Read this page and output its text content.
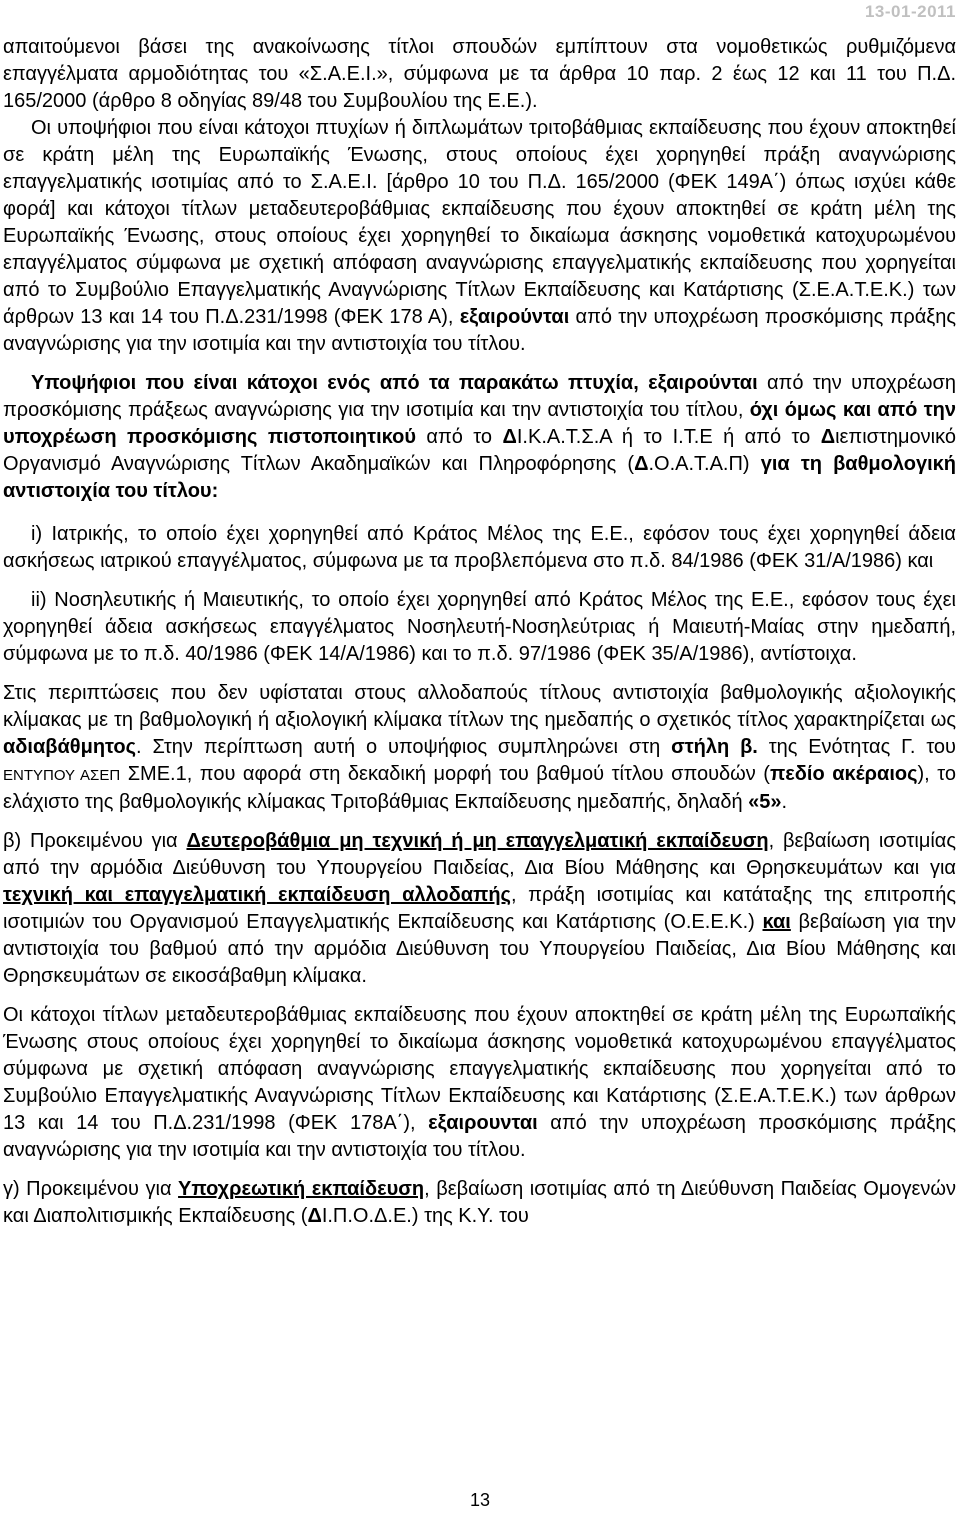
13-01-2011

απαιτούμενοι βάσει της ανακοίνωσης τίτλοι σπουδών εμπίπτουν στα νομοθετικώς ρυθμιζόμενα επαγγέλματα αρμοδιότητας του «Σ.Α.Ε.Ι.», σύμφωνα με τα άρθρα 10 παρ. 2 έως 12 και 11 του Π.Δ. 165/2000 (άρθρο 8 οδηγίας 89/48 του Συμβουλίου της Ε.Ε.).

Οι υποψήφιοι που είναι κάτοχοι πτυχίων ή διπλωμάτων τριτοβάθμιας εκπαίδευσης που έχουν αποκτηθεί σε κράτη μέλη της Ευρωπαϊκής Ένωσης, στους οποίους έχει χορηγηθεί πράξη αναγνώρισης επαγγελματικής ισοτιμίας από το Σ.Α.Ε.Ι. [άρθρο 10 του Π.Δ. 165/2000 (ΦΕΚ 149Α΄) όπως ισχύει κάθε φορά] και κάτοχοι τίτλων μεταδευτεροβάθμιας εκπαίδευσης που έχουν αποκτηθεί σε κράτη μέλη της Ευρωπαϊκής Ένωσης, στους οποίους έχει χορηγηθεί το δικαίωμα άσκησης νομοθετικά κατοχυρωμένου επαγγέλματος σύμφωνα με σχετική απόφαση αναγνώρισης επαγγελματικής εκπαίδευσης που χορηγείται από το Συμβούλιο Επαγγελματικής Αναγνώρισης Τίτλων Εκπαίδευσης και Κατάρτισης (Σ.Ε.Α.Τ.Ε.Κ.) των άρθρων 13 και 14 του Π.Δ.231/1998 (ΦΕΚ 178 Α), εξαιρούνται από την υποχρέωση προσκόμισης πράξης αναγνώρισης για την ισοτιμία και την αντιστοιχία του τίτλου.

Υποψήφιοι που είναι κάτοχοι ενός από τα παρακάτω πτυχία, εξαιρούνται από την υποχρέωση προσκόμισης πράξεως αναγνώρισης για την ισοτιμία και την αντιστοιχία του τίτλου, όχι όμως και από την υποχρέωση προσκόμισης πιστοποιητικού από το ΔΙ.Κ.Α.Τ.Σ.Α ή το Ι.Τ.Ε ή από το Διεπιστημονικό Οργανισμό Αναγνώρισης Τίτλων Ακαδημαϊκών και Πληροφόρησης (Δ.Ο.Α.Τ.Α.Π) για τη βαθμολογική αντιστοιχία του τίτλου:

i) Ιατρικής, το οποίο έχει χορηγηθεί από Κράτος Μέλος της Ε.Ε., εφόσον τους έχει χορηγηθεί άδεια ασκήσεως ιατρικού επαγγέλματος, σύμφωνα με τα προβλεπόμενα στο π.δ. 84/1986 (ΦΕΚ 31/Α/1986) και

ii) Νοσηλευτικής ή Μαιευτικής, το οποίο έχει χορηγηθεί από Κράτος Μέλος της Ε.Ε., εφόσον τους έχει χορηγηθεί άδεια ασκήσεως επαγγέλματος Νοσηλευτή-Νοσηλεύτριας ή Μαιευτή-Μαίας στην ημεδαπή, σύμφωνα με το π.δ. 40/1986 (ΦΕΚ 14/Α/1986) και το π.δ. 97/1986 (ΦΕΚ 35/Α/1986), αντίστοιχα.

Στις περιπτώσεις που δεν υφίσταται στους αλλοδαπούς τίτλους αντιστοιχία βαθμολογικής αξιολογικής κλίμακας με τη βαθμολογική ή αξιολογική κλίμακα τίτλων της ημεδαπής ο σχετικός τίτλος χαρακτηρίζεται ως αδιαβάθμητος. Στην περίπτωση αυτή ο υποψήφιος συμπληρώνει στη στήλη β. της Ενότητας Γ. του ΕΝΤΥΠΟΥ ΑΣΕΠ ΣΜΕ.1, που αφορά στη δεκαδική μορφή του βαθμού τίτλου σπουδών (πεδίο ακέραιος), το ελάχιστο της βαθμολογικής κλίμακας Τριτοβάθμιας Εκπαίδευσης ημεδαπής, δηλαδή «5».

β) Προκειμένου για Δευτεροβάθμια μη τεχνική ή μη επαγγελματική εκπαίδευση, βεβαίωση ισοτιμίας από την αρμόδια Διεύθυνση του Υπουργείου Παιδείας, Δια Βίου Μάθησης και Θρησκευμάτων και για τεχνική και επαγγελματική εκπαίδευση αλλοδαπής, πράξη ισοτιμίας και κατάταξης της επιτροπής ισοτιμιών του Οργανισμού Επαγγελματικής Εκπαίδευσης και Κατάρτισης (Ο.Ε.Ε.Κ.) και βεβαίωση για την αντιστοιχία του βαθμού από την αρμόδια Διεύθυνση του Υπουργείου Παιδείας, Δια Βίου Μάθησης και Θρησκευμάτων σε εικοσάβαθμη κλίμακα.

Οι κάτοχοι τίτλων μεταδευτεροβάθμιας εκπαίδευσης που έχουν αποκτηθεί σε κράτη μέλη της Ευρωπαϊκής Ένωσης στους οποίους έχει χορηγηθεί το δικαίωμα άσκησης νομοθετικά κατοχυρωμένου επαγγέλματος σύμφωνα με σχετική απόφαση αναγνώρισης επαγγελματικής εκπαίδευσης που χορηγείται από το Συμβούλιο Επαγγελματικής Αναγνώρισης Τίτλων Εκπαίδευσης και Κατάρτισης (Σ.Ε.Α.Τ.Ε.Κ.) των άρθρων 13 και 14 του Π.Δ.231/1998 (ΦΕΚ 178Α΄), εξαιρουνται από την υποχρέωση προσκόμισης πράξης αναγνώρισης για την ισοτιμία και την αντιστοιχία του τίτλου.

γ) Προκειμένου για Υποχρεωτική εκπαίδευση, βεβαίωση ισοτιμίας από τη Διεύθυνση Παιδείας Ομογενών και Διαπολιτισμικής Εκπαίδευσης (ΔΙ.Π.Ο.Δ.Ε.) της Κ.Υ. του

13
